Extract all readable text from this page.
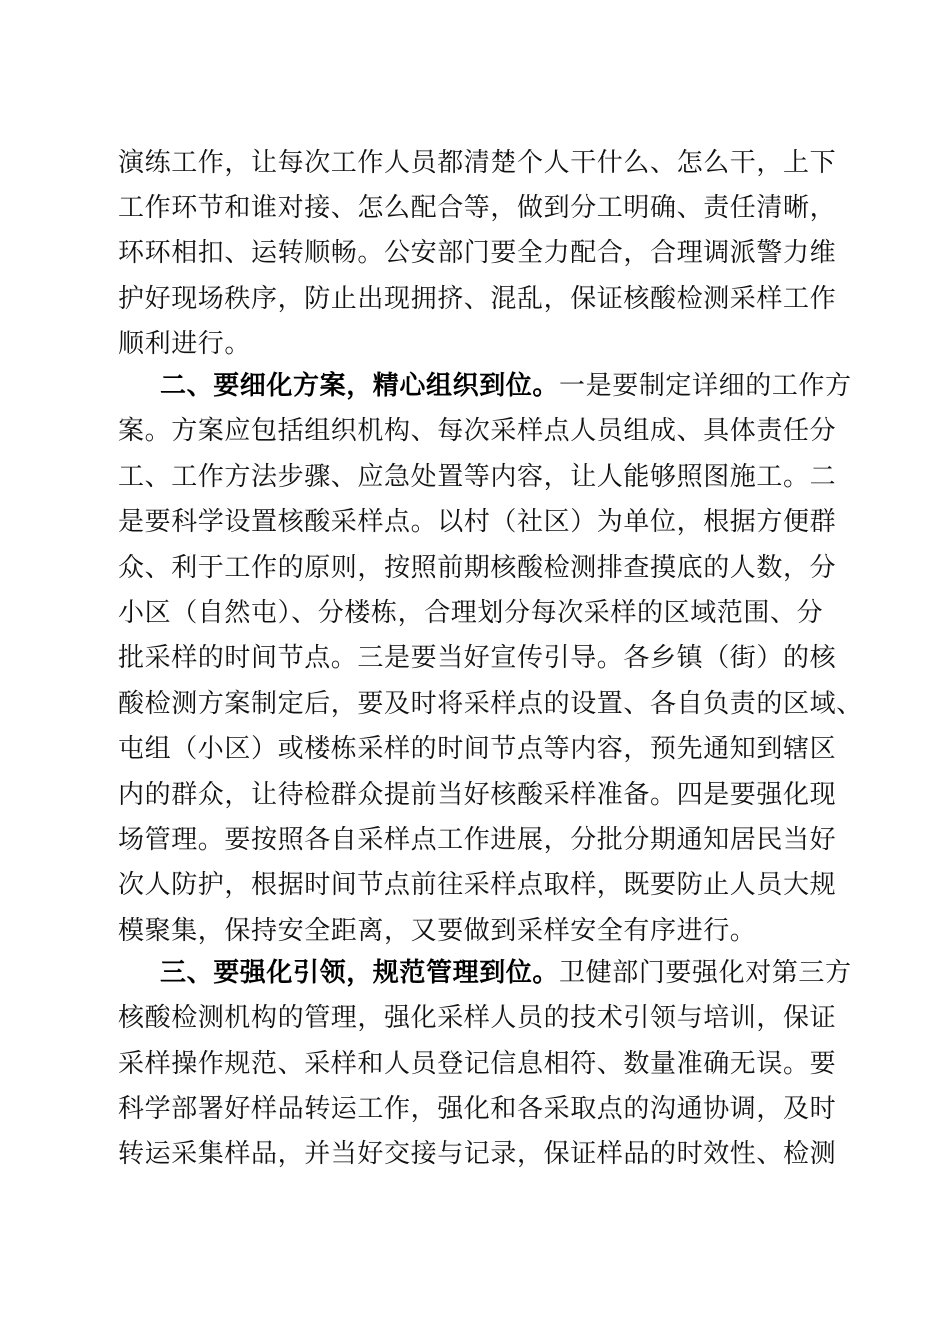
演练工作，让每次工作人员都清楚个人干什么、怎么干，上下
工作环节和谁对接、怎么配合等，做到分工明确、责任清晰，
环环相扣、运转顺畅。公安部门要全力配合，合理调派警力维
护好现场秩序，防止出现拥挤、混乱，保证核酸检测采样工作
顺利进行。
二、要细化方案，精心组织到位。一是要制定详细的工作方
案。方案应包括组织机构、每次采样点人员组成、具体责任分
工、工作方法步骤、应急处置等内容，让人能够照图施工。二
是要科学设置核酸采样点。以村（社区）为单位，根据方便群
众、利于工作的原则，按照前期核酸检测排查摸底的人数，分
小区（自然屯）、分楼栋，合理划分每次采样的区域范围、分
批采样的时间节点。三是要当好宣传引导。各乡镇（街）的核
酸检测方案制定后，要及时将采样点的设置、各自负责的区域、
屯组（小区）或楼栋采样的时间节点等内容，预先通知到辖区
内的群众，让待检群众提前当好核酸采样准备。四是要强化现
场管理。要按照各自采样点工作进展，分批分期通知居民当好
次人防护，根据时间节点前往采样点取样，既要防止人员大规
模聚集，保持安全距离，又要做到采样安全有序进行。
三、要强化引领，规范管理到位。卫健部门要强化对第三方
核酸检测机构的管理，强化采样人员的技术引领与培训，保证
采样操作规范、采样和人员登记信息相符、数量准确无误。要
科学部署好样品转运工作，强化和各采取点的沟通协调，及时
转运采集样品，并当好交接与记录，保证样品的时效性、检测
